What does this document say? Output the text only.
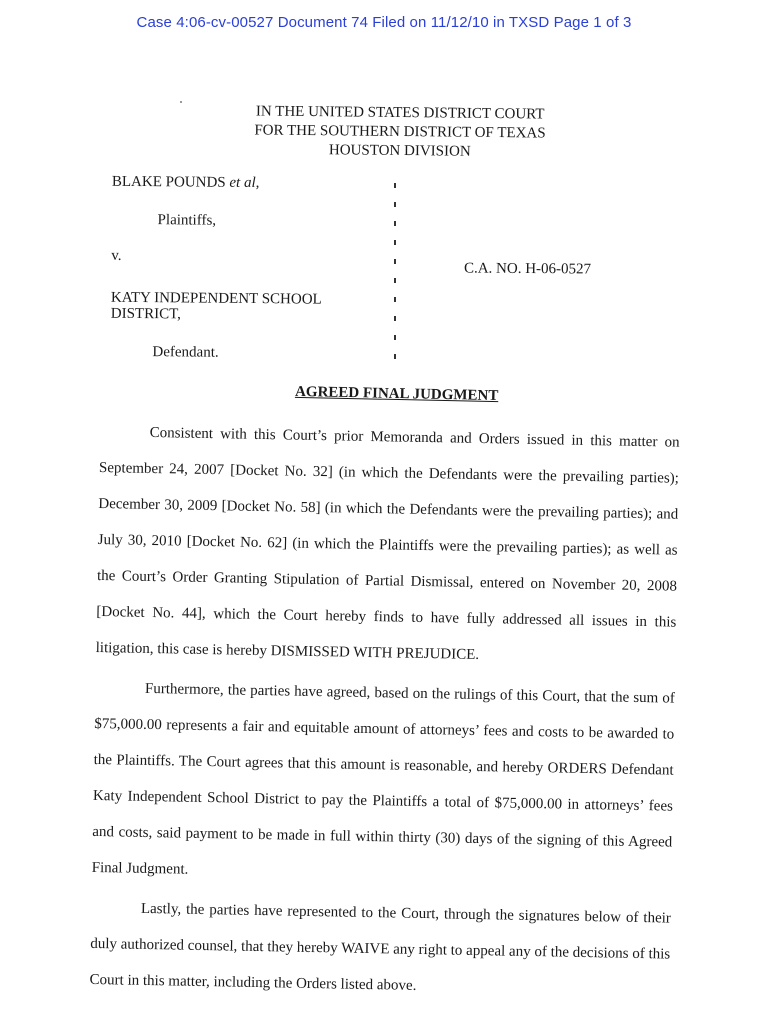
Case 4:06-cv-00527 Document 74 Filed on 11/12/10 in TXSD Page 1 of 3
IN THE UNITED STATES DISTRICT COURT
FOR THE SOUTHERN DISTRICT OF TEXAS
HOUSTON DIVISION
BLAKE POUNDS et al,
Plaintiffs,
v.
KATY INDEPENDENT SCHOOL
DISTRICT,
Defendant.
C.A. NO. H-06-0527
AGREED FINAL JUDGMENT

Consistent with this Court’s prior Memoranda and Orders issued in this matter on September 24, 2007 [Docket No. 32] (in which the Defendants were the prevailing parties); December 30, 2009 [Docket No. 58] (in which the Defendants were the prevailing parties); and July 30, 2010 [Docket No. 62] (in which the Plaintiffs were the prevailing parties); as well as the Court’s Order Granting Stipulation of Partial Dismissal, entered on November 20, 2008 [Docket No. 44], which the Court hereby finds to have fully addressed all issues in this litigation, this case is hereby DISMISSED WITH PREJUDICE.

Furthermore, the parties have agreed, based on the rulings of this Court, that the sum of $75,000.00 represents a fair and equitable amount of attorneys’ fees and costs to be awarded to the Plaintiffs. The Court agrees that this amount is reasonable, and hereby ORDERS Defendant Katy Independent School District to pay the Plaintiffs a total of $75,000.00 in attorneys’ fees and costs, said payment to be made in full within thirty (30) days of the signing of this Agreed Final Judgment.

Lastly, the parties have represented to the Court, through the signatures below of their duly authorized counsel, that they hereby WAIVE any right to appeal any of the decisions of this Court in this matter, including the Orders listed above.
